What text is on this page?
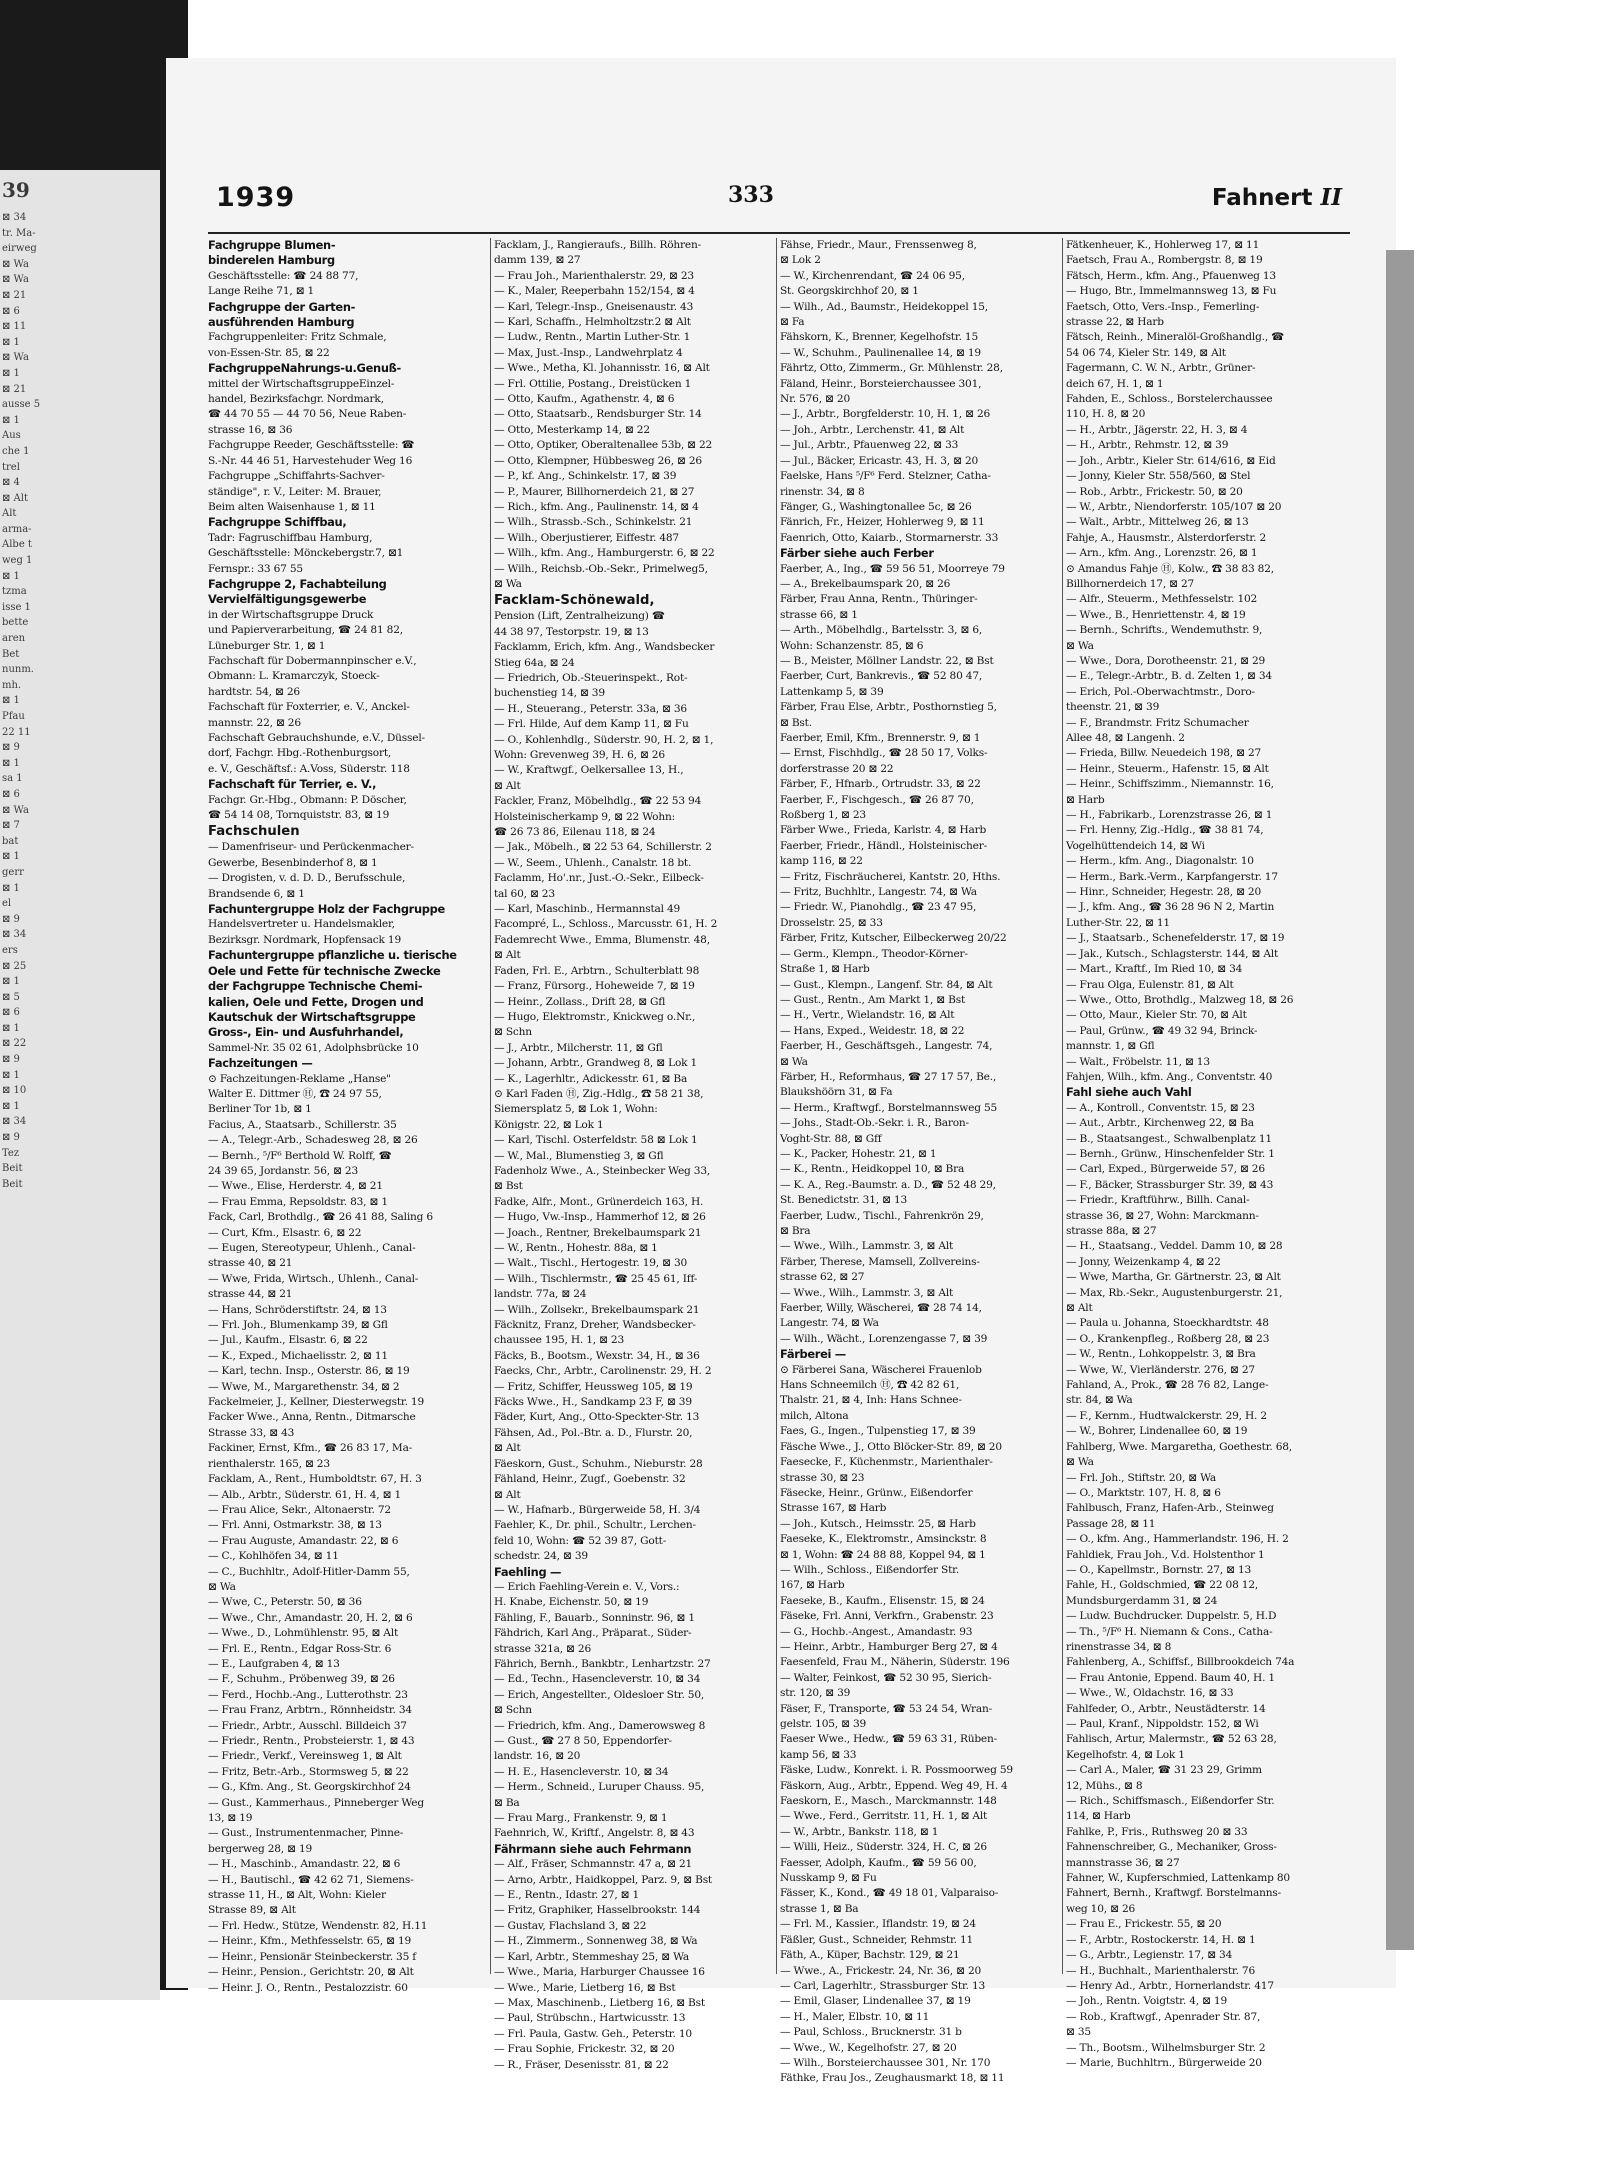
39
⊠ 34
tr. Ma-
eirweg
⊠ Wa
⊠ Wa
⊠ 21
⊠ 6
⊠ 11
⊠ 1
⊠ Wa
⊠ 1
⊠ 21
ausse 5
⊠ 1
Aus
che 1
trel
⊠ 4
⊠ Alt
Alt
arma-
Albe t
weg 1
⊠ 1
tzma
isse 1
bette
aren
Bet
nunm.
mh.
⊠ 1
Pfau
22 11
⊠ 9
⊠ 1
sa 1
⊠ 6
⊠ Wa
⊠ 7
bat
⊠ 1
gerr
⊠ 1
el
⊠ 9
⊠ 34
ers
⊠ 25
⊠ 1
⊠ 5
⊠ 6
⊠ 1
⊠ 22
⊠ 9
⊠ 1
⊠ 10
⊠ 1
⊠ 34
⊠ 9
Tez
Beit
Beit
1939	333	Fahnert II
Fachgruppe Blumen-
binderelen Hamburg
Geschäftsstelle: ☎ 24 88 77,
Lange Reihe 71, ⊠ 1
Fachgruppe der Garten-
ausführenden Hamburg
Fachgruppenleiter: Fritz Schmale,
von-Essen-Str. 85, ⊠ 22
FachgruppeNahrungs-u.Genuß-
mittel der WirtschaftsgruppeEinzel-
handel, Bezirksfachgr. Nordmark,
☎ 44 70 55 — 44 70 56, Neue Raben-
strasse 16, ⊠ 36
Fachgruppe Reeder, Geschäftsstelle: ☎
S.-Nr. 44 46 51, Harvestehuder Weg 16
Fachgruppe „Schiffahrts-Sachver-
ständige", r. V., Leiter: M. Brauer,
Beim alten Waisenhause 1, ⊠ 11
Fachgruppe Schiffbau,
Tadr: Fagruschiffbau Hamburg,
Geschäftsstelle: Mönckebergstr.7, ⊠1
Fernspr.: 33 67 55
Fachgruppe 2, Fachabteilung
Vervielfältigungsgewerbe
in der Wirtschaftsgruppe Druck
und Papierverarbeitung, ☎ 24 81 82,
Lüneburger Str. 1, ⊠ 1
Fachschaft für Dobermannpinscher e.V.,
Obmann: L. Kramarczyk, Stoeck-
hardtstr. 54, ⊠ 26
Fachschaft für Foxterrier, e. V., Anckel-
mannstr. 22, ⊠ 26
Fachschaft Gebrauchshunde, e.V., Düssel-
dorf, Fachgr. Hbg.-Rothenburgsort,
e. V., Geschäftsf.: A.Voss, Süderstr. 118
Fachschaft für Terrier, e. V.,
Fachgr. Gr.-Hbg., Obmann: P. Döscher,
☎ 54 14 08, Tornquiststr. 83, ⊠ 19
Fachschulen
— Damenfriseur- und Perückenmacher-
Gewerbe, Besenbinderhof 8, ⊠ 1
— Drogisten, v. d. D. D., Berufsschule,
Brandsende 6, ⊠ 1
Fachuntergruppe Holz der Fachgruppe
Handelsvertreter u. Handelsmakler,
Bezirksgr. Nordmark, Hopfensack 19
Fachuntergruppe pflanzliche u. tierische
Oele und Fette für technische Zwecke
der Fachgruppe Technische Chemi-
kalien, Oele und Fette, Drogen und
Kautschuk der Wirtschaftsgruppe
Gross-, Ein- und Ausfuhrhandel,
Sammel-Nr. 35 02 61, Adolphsbrücke 10
Fachzeitungen —
⊙ Fachzeitungen-Reklame „Hanse"
Walter E. Dittmer Ⓗ, ☎ 24 97 55,
Berliner Tor 1b, ⊠ 1
Facius, A., Staatsarb., Schillerstr. 35
— A., Telegr.-Arb., Schadesweg 28, ⊠ 26
— Bernh., ⁵/F⁶ Berthold W. Rolff, ☎
24 39 65, Jordanstr. 56, ⊠ 23
— Wwe., Elise, Herderstr. 4, ⊠ 21
— Frau Emma, Repsoldstr. 83, ⊠ 1
Fack, Carl, Brothdlg., ☎ 26 41 88, Saling 6
— Curt, Kfm., Elsastr. 6, ⊠ 22
— Eugen, Stereotypeur, Uhlenh., Canal-
strasse 40, ⊠ 21
— Wwe, Frida, Wirtsch., Uhlenh., Canal-
strasse 44, ⊠ 21
— Hans, Schröderstiftstr. 24, ⊠ 13
— Frl. Joh., Blumenkamp 39, ⊠ Gfl
— Jul., Kaufm., Elsastr. 6, ⊠ 22
— K., Exped., Michaelisstr. 2, ⊠ 11
— Karl, techn. Insp., Osterstr. 86, ⊠ 19
— Wwe, M., Margarethenstr. 34, ⊠ 2
Fackelmeier, J., Kellner, Diesterwegstr. 19
Facker Wwe., Anna, Rentn., Ditmarsche
Strasse 33, ⊠ 43
Fackiner, Ernst, Kfm., ☎ 26 83 17, Ma-
rienthalerstr. 165, ⊠ 23
Facklam, A., Rent., Humboldtstr. 67, H. 3
— Alb., Arbtr., Süderstr. 61, H. 4, ⊠ 1
— Frau Alice, Sekr., Altonaerstr. 72
— Frl. Anni, Ostmarkstr. 38, ⊠ 13
— Frau Auguste, Amandastr. 22, ⊠ 6
— C., Kohlhöfen 34, ⊠ 11
— C., Buchhltr., Adolf-Hitler-Damm 55,
⊠ Wa
— Wwe, C., Peterstr. 50, ⊠ 36
— Wwe., Chr., Amandastr. 20, H. 2, ⊠ 6
— Wwe., D., Lohmühlenstr. 95, ⊠ Alt
— Frl. E., Rentn., Edgar Ross-Str. 6
— E., Laufgraben 4, ⊠ 13
— F., Schuhm., Pröbenweg 39, ⊠ 26
— Ferd., Hochb.-Ang., Lutterothstr. 23
— Frau Franz, Arbtrn., Rönnheidstr. 34
— Friedr., Arbtr., Ausschl. Billdeich 37
— Friedr., Rentn., Probsteierstr. 1, ⊠ 43
— Friedr., Verkf., Vereinsweg 1, ⊠ Alt
— Fritz, Betr.-Arb., Stormsweg 5, ⊠ 22
— G., Kfm. Ang., St. Georgskirchhof 24
— Gust., Kammerhaus., Pinneberger Weg
13, ⊠ 19
— Gust., Instrumentenmacher, Pinne-
bergerweg 28, ⊠ 19
— H., Maschinb., Amandastr. 22, ⊠ 6
— H., Bautischl., ☎ 42 62 71, Siemens-
strasse 11, H., ⊠ Alt, Wohn: Kieler
Strasse 89, ⊠ Alt
— Frl. Hedw., Stütze, Wendenstr. 82, H.11
— Heinr., Kfm., Methfesselstr. 65, ⊠ 19
— Heinr., Pensionär Steinbeckerstr. 35 f
— Heinr., Pension., Gerichtstr. 20, ⊠ Alt
— Heinr. J. O., Rentn., Pestalozzistr. 60
Facklam, J., Rangieraufs., Billh. Röhren-
damm 139, ⊠ 27
— Frau Joh., Marienthalerstr. 29, ⊠ 23
— K., Maler, Reeperbahn 152/154, ⊠ 4
— Karl, Telegr.-Insp., Gneisenaustr. 43
— Karl, Schaffn., Helmholtzstr.2 ⊠ Alt
— Ludw., Rentn., Martin Luther-Str. 1
— Max, Just.-Insp., Landwehrplatz 4
— Wwe., Metha, Kl. Johannisstr. 16, ⊠ Alt
— Frl. Ottilie, Postang., Dreistücken 1
— Otto, Kaufm., Agathenstr. 4, ⊠ 6
— Otto, Staatsarb., Rendsburger Str. 14
— Otto, Mesterkamp 14, ⊠ 22
— Otto, Optiker, Oberaltenallee 53b, ⊠ 22
— Otto, Klempner, Hübbesweg 26, ⊠ 26
— P., kf. Ang., Schinkelstr. 17, ⊠ 39
— P., Maurer, Billhornerdeich 21, ⊠ 27
— Rich., kfm. Ang., Paulinenstr. 14, ⊠ 4
— Wilh., Strassb.-Sch., Schinkelstr. 21
— Wilh., Oberjustierer, Eiffestr. 487
— Wilh., kfm. Ang., Hamburgerstr. 6, ⊠ 22
— Wilh., Reichsb.-Ob.-Sekr., Primelweg5,
⊠ Wa
Facklam-Schönewald,
Pension (Lift, Zentralheizung) ☎
44 38 97, Testorpstr. 19, ⊠ 13
Facklamm, Erich, kfm. Ang., Wandsbecker
Stieg 64a, ⊠ 24
— Friedrich, Ob.-Steuerinspekt., Rot-
buchenstieg 14, ⊠ 39
— H., Steuerang., Peterstr. 33a, ⊠ 36
— Frl. Hilde, Auf dem Kamp 11, ⊠ Fu
— O., Kohlenhdlg., Süderstr. 90, H. 2, ⊠ 1,
Wohn: Grevenweg 39, H. 6, ⊠ 26
— W., Kraftwgf., Oelkersallee 13, H.,
⊠ Alt
Fackler, Franz, Möbelhdlg., ☎ 22 53 94
Holsteinischerkamp 9, ⊠ 22 Wohn:
☎ 26 73 86, Eilenau 118, ⊠ 24
— Jak., Möbelh., ⊠ 22 53 64, Schillerstr. 2
— W., Seem., Uhlenh., Canalstr. 18 bt.
Faclamm, Ho'.nr., Just.-O.-Sekr., Eilbeck-
tal 60, ⊠ 23
— Karl, Maschinb., Hermannstal 49
Facompré, L., Schloss., Marcusstr. 61, H. 2
Fademrecht Wwe., Emma, Blumenstr. 48,
⊠ Alt
Faden, Frl. E., Arbtrn., Schulterblatt 98
— Franz, Fürsorg., Hoheweide 7, ⊠ 19
— Heinr., Zollass., Drift 28, ⊠ Gfl
— Hugo, Elektromstr., Knickweg o.Nr.,
⊠ Schn
— J., Arbtr., Milcherstr. 11, ⊠ Gfl
— Johann, Arbtr., Grandweg 8, ⊠ Lok 1
— K., Lagerhltr., Adickesstr. 61, ⊠ Ba
⊙ Karl Faden Ⓗ, Zig.-Hdlg., ☎ 58 21 38,
Siemersplatz 5, ⊠ Lok 1, Wohn:
Königstr. 22, ⊠ Lok 1
— Karl, Tischl. Osterfeldstr. 58 ⊠ Lok 1
— W., Mal., Blumenstieg 3, ⊠ Gfl
Fadenholz Wwe., A., Steinbecker Weg 33,
⊠ Bst
Fadke, Alfr., Mont., Grünerdeich 163, H.
— Hugo, Vw.-Insp., Hammerhof 12, ⊠ 26
— Joach., Rentner, Brekelbaumspark 21
— W., Rentn., Hohestr. 88a, ⊠ 1
— Walt., Tischl., Hertogestr. 19, ⊠ 30
— Wilh., Tischlermstr., ☎ 25 45 61, Iff-
landstr. 77a, ⊠ 24
— Wilh., Zollsekr., Brekelbaumspark 21
Fäcknitz, Franz, Dreher, Wandsbecker-
chaussee 195, H. 1, ⊠ 23
Fäcks, B., Bootsm., Wexstr. 34, H., ⊠ 36
Faecks, Chr., Arbtr., Carolinenstr. 29, H. 2
— Fritz, Schiffer, Heussweg 105, ⊠ 19
Fäcks Wwe., H., Sandkamp 23 F, ⊠ 39
Fäder, Kurt, Ang., Otto-Speckter-Str. 13
Fähsen, Ad., Pol.-Btr. a. D., Flurstr. 20,
⊠ Alt
Fäeskorn, Gust., Schuhm., Nieburstr. 28
Fähland, Heinr., Zugf., Goebenstr. 32
⊠ Alt
— W., Hafnarb., Bürgerweide 58, H. 3/4
Faehler, K., Dr. phil., Schultr., Lerchen-
feld 10, Wohn: ☎ 52 39 87, Gott-
schedstr. 24, ⊠ 39
Faehling —
— Erich Faehling-Verein e. V., Vors.:
H. Knabe, Eichenstr. 50, ⊠ 19
Fähling, F., Bauarb., Sonninstr. 96, ⊠ 1
Fähdrich, Karl Ang., Präparat., Süder-
strasse 321a, ⊠ 26
Fährich, Bernh., Bankbtr., Lenhartzstr. 27
— Ed., Techn., Hasencleverstr. 10, ⊠ 34
— Erich, Angestellter., Oldesloer Str. 50,
⊠ Schn
— Friedrich, kfm. Ang., Damerowsweg 8
— Gust., ☎ 27 8 50, Eppendorfer-
landstr. 16, ⊠ 20
— H. E., Hasencleverstr. 10, ⊠ 34
— Herm., Schneid., Luruper Chauss. 95,
⊠ Ba
— Frau Marg., Frankenstr. 9, ⊠ 1
Faehnrich, W., Kriftf., Angelstr. 8, ⊠ 43
Fährmann siehe auch Fehrmann
— Alf., Fräser, Schmannstr. 47 a, ⊠ 21
— Arno, Arbtr., Haidkoppel, Parz. 9, ⊠ Bst
— E., Rentn., Idastr. 27, ⊠ 1
— Fritz, Graphiker, Hasselbrookstr. 144
— Gustav, Flachsland 3, ⊠ 22
— H., Zimmerm., Sonnenweg 38, ⊠ Wa
— Karl, Arbtr., Stemmeshay 25, ⊠ Wa
— Wwe., Maria, Harburger Chaussee 16
— Wwe., Marie, Lietberg 16, ⊠ Bst
— Max, Maschinenb., Lietberg 16, ⊠ Bst
— Paul, Strübschn., Hartwicusstr. 13
— Frl. Paula, Gastw. Geh., Peterstr. 10
— Frau Sophie, Frickestr. 32, ⊠ 20
— R., Fräser, Desenisstr. 81, ⊠ 22
Fähse, Friedr., Maur., Frenssenweg 8,
⊠ Lok 2
— W., Kirchenrendant, ☎ 24 06 95,
St. Georgskirchhof 20, ⊠ 1
— Wilh., Ad., Baumstr., Heidekoppel 15,
⊠ Fa
Fähskorn, K., Brenner, Kegelhofstr. 15
— W., Schuhm., Paulinenallee 14, ⊠ 19
Fährtz, Otto, Zimmerm., Gr. Mühlenstr. 28,
Fäland, Heinr., Borsteierchaussee 301,
Nr. 576, ⊠ 20
— J., Arbtr., Borgfelderstr. 10, H. 1, ⊠ 26
— Joh., Arbtr., Lerchenstr. 41, ⊠ Alt
— Jul., Arbtr., Pfauenweg 22, ⊠ 33
— Jul., Bäcker, Ericastr. 43, H. 3, ⊠ 20
Faelske, Hans ⁵/F⁶ Ferd. Stelzner, Catha-
rinenstr. 34, ⊠ 8
Fänger, G., Washingtonallee 5c, ⊠ 26
Fänrich, Fr., Heizer, Hohlerweg 9, ⊠ 11
Faenrich, Otto, Kaiarb., Stormarnerstr. 33
Färber siehe auch Ferber
Faerber, A., Ing., ☎ 59 56 51, Moorreye 79
— A., Brekelbaumspark 20, ⊠ 26
Färber, Frau Anna, Rentn., Thüringer-
strasse 66, ⊠ 1
— Arth., Möbelhdlg., Bartelsstr. 3, ⊠ 6,
Wohn: Schanzenstr. 85, ⊠ 6
— B., Meister, Möllner Landstr. 22, ⊠ Bst
Faerber, Curt, Bankrevis., ☎ 52 80 47,
Lattenkamp 5, ⊠ 39
Färber, Frau Else, Arbtr., Posthornstieg 5,
⊠ Bst.
Faerber, Emil, Kfm., Brennerstr. 9, ⊠ 1
— Ernst, Fischhdlg., ☎ 28 50 17, Volks-
dorferstrasse 20 ⊠ 22
Färber, F., Hfnarb., Ortrudstr. 33, ⊠ 22
Faerber, F., Fischgesch., ☎ 26 87 70,
Roßberg 1, ⊠ 23
Färber Wwe., Frieda, Karlstr. 4, ⊠ Harb
Faerber, Friedr., Händl., Holsteinischer-
kamp 116, ⊠ 22
— Fritz, Fischräucherei, Kantstr. 20, Hths.
— Fritz, Buchhltr., Langestr. 74, ⊠ Wa
— Friedr. W., Pianohdlg., ☎ 23 47 95,
Drosselstr. 25, ⊠ 33
Färber, Fritz, Kutscher, Eilbeckerweg 20/22
— Germ., Klempn., Theodor-Körner-
Straße 1, ⊠ Harb
— Gust., Klempn., Langenf. Str. 84, ⊠ Alt
— Gust., Rentn., Am Markt 1, ⊠ Bst
— H., Vertr., Wielandstr. 16, ⊠ Alt
— Hans, Exped., Weidestr. 18, ⊠ 22
Faerber, H., Geschäftsgeh., Langestr. 74,
⊠ Wa
Färber, H., Reformhaus, ☎ 27 17 57, Be.,
Blaukshöörn 31, ⊠ Fa
— Herm., Kraftwgf., Borstelmannsweg 55
— Johs., Stadt-Ob.-Sekr. i. R., Baron-
Voght-Str. 88, ⊠ Gff
— K., Packer, Hohestr. 21, ⊠ 1
— K., Rentn., Heidkoppel 10, ⊠ Bra
— K. A., Reg.-Baumstr. a. D., ☎ 52 48 29,
St. Benedictstr. 31, ⊠ 13
Faerber, Ludw., Tischl., Fahrenkrön 29,
⊠ Bra
— Wwe., Wilh., Lammstr. 3, ⊠ Alt
Färber, Therese, Mamsell, Zollvereins-
strasse 62, ⊠ 27
— Wwe., Wilh., Lammstr. 3, ⊠ Alt
Faerber, Willy, Wäscherei, ☎ 28 74 14,
Langestr. 74, ⊠ Wa
— Wilh., Wächt., Lorenzengasse 7, ⊠ 39
Färberei —
⊙ Färberei Sana, Wäscherei Frauenlob
Hans Schneemilch Ⓗ, ☎ 42 82 61,
Thalstr. 21, ⊠ 4, Inh: Hans Schnee-
milch, Altona
Faes, G., Ingen., Tulpenstieg 17, ⊠ 39
Fäsche Wwe., J., Otto Blöcker-Str. 89, ⊠ 20
Faesecke, F., Küchenmstr., Marienthaler-
strasse 30, ⊠ 23
Fäsecke, Heinr., Grünw., Eißendorfer
Strasse 167, ⊠ Harb
— Joh., Kutsch., Heimsstr. 25, ⊠ Harb
Faeseke, K., Elektromstr., Amsinckstr. 8
⊠ 1, Wohn: ☎ 24 88 88, Koppel 94, ⊠ 1
— Wilh., Schloss., Eißendorfer Str.
167, ⊠ Harb
Faeseke, B., Kaufm., Elisenstr. 15, ⊠ 24
Fäseke, Frl. Anni, Verkfrn., Grabenstr. 23
— G., Hochb.-Angest., Amandastr. 93
— Heinr., Arbtr., Hamburger Berg 27, ⊠ 4
Faesenfeld, Frau M., Näherin, Süderstr. 196
— Walter, Feinkost, ☎ 52 30 95, Sierich-
str. 120, ⊠ 39
Fäser, F., Transporte, ☎ 53 24 54, Wran-
gelstr. 105, ⊠ 39
Faeser Wwe., Hedw., ☎ 59 63 31, Rüben-
kamp 56, ⊠ 33
Fäske, Ludw., Konrekt. i. R. Possmoorweg 59
Fäskorn, Aug., Arbtr., Eppend. Weg 49, H. 4
Faeskorn, E., Masch., Marckmannstr. 148
— Wwe., Ferd., Gerritstr. 11, H. 1, ⊠ Alt
— W., Arbtr., Bankstr. 118, ⊠ 1
— Willi, Heiz., Süderstr. 324, H. C, ⊠ 26
Faesser, Adolph, Kaufm., ☎ 59 56 00,
Nusskamp 9, ⊠ Fu
Fässer, K., Kond., ☎ 49 18 01, Valparaiso-
strasse 1, ⊠ Ba
— Frl. M., Kassier., Iflandstr. 19, ⊠ 24
Fäßler, Gust., Schneider, Rehmstr. 11
Fäth, A., Küper, Bachstr. 129, ⊠ 21
— Wwe., A., Frickestr. 24, Nr. 36, ⊠ 20
— Carl, Lagerhltr., Strassburger Str. 13
— Emil, Glaser, Lindenallee 37, ⊠ 19
— H., Maler, Elbstr. 10, ⊠ 11
— Paul, Schloss., Brucknerstr. 31 b
— Wwe., W., Kegelhofstr. 27, ⊠ 20
— Wilh., Borsteierchaussee 301, Nr. 170
Fäthke, Frau Jos., Zeughausmarkt 18, ⊠ 11
Fätkenheuer, K., Hohlerweg 17, ⊠ 11
Faetsch, Frau A., Rombergstr. 8, ⊠ 19
Fätsch, Herm., kfm. Ang., Pfauenweg 13
— Hugo, Btr., Immelmannsweg 13, ⊠ Fu
Faetsch, Otto, Vers.-Insp., Femerling-
strasse 22, ⊠ Harb
Fätsch, Reinh., Mineralöl-Großhandlg., ☎
54 06 74, Kieler Str. 149, ⊠ Alt
Fagermann, C. W. N., Arbtr., Grüner-
deich 67, H. 1, ⊠ 1
Fahden, E., Schloss., Borstelerchaussee
110, H. 8, ⊠ 20
— H., Arbtr., Jägerstr. 22, H. 3, ⊠ 4
— H., Arbtr., Rehmstr. 12, ⊠ 39
— Joh., Arbtr., Kieler Str. 614/616, ⊠ Eid
— Jonny, Kieler Str. 558/560, ⊠ Stel
— Rob., Arbtr., Frickestr. 50, ⊠ 20
— W., Arbtr., Niendorferstr. 105/107 ⊠ 20
— Walt., Arbtr., Mittelweg 26, ⊠ 13
Fahje, A., Hausmstr., Alsterdorferstr. 2
— Arn., kfm. Ang., Lorenzstr. 26, ⊠ 1
⊙ Amandus Fahje Ⓗ, Kolw., ☎ 38 83 82,
Billhornerdeich 17, ⊠ 27
— Alfr., Steuerm., Methfesselstr. 102
— Wwe., B., Henriettenstr. 4, ⊠ 19
— Bernh., Schrifts., Wendemuthstr. 9,
⊠ Wa
— Wwe., Dora, Dorotheenstr. 21, ⊠ 29
— E., Telegr.-Arbtr., B. d. Zelten 1, ⊠ 34
— Erich, Pol.-Oberwachtmstr., Doro-
theenstr. 21, ⊠ 39
— F., Brandmstr. Fritz Schumacher
Allee 48, ⊠ Langenh. 2
— Frieda, Billw. Neuedeich 198, ⊠ 27
— Heinr., Steuerm., Hafenstr. 15, ⊠ Alt
— Heinr., Schiffszimm., Niemannstr. 16,
⊠ Harb
— H., Fabrikarb., Lorenzstrasse 26, ⊠ 1
— Frl. Henny, Zig.-Hdlg., ☎ 38 81 74,
Vogelhüttendeich 14, ⊠ Wi
— Herm., kfm. Ang., Diagonalstr. 10
— Herm., Bark.-Verm., Karpfangerstr. 17
— Hinr., Schneider, Hegestr. 28, ⊠ 20
— J., kfm. Ang., ☎ 36 28 96 N 2, Martin
Luther-Str. 22, ⊠ 11
— J., Staatsarb., Schenefelderstr. 17, ⊠ 19
— Jak., Kutsch., Schlagsterstr. 144, ⊠ Alt
— Mart., Kraftf., Im Ried 10, ⊠ 34
— Frau Olga, Eulenstr. 81, ⊠ Alt
— Wwe., Otto, Brothdlg., Malzweg 18, ⊠ 26
— Otto, Maur., Kieler Str. 70, ⊠ Alt
— Paul, Grünw., ☎ 49 32 94, Brinck-
mannstr. 1, ⊠ Gfl
— Walt., Fröbelstr. 11, ⊠ 13
Fahjen, Wilh., kfm. Ang., Conventstr. 40
Fahl siehe auch Vahl
— A., Kontroll., Conventstr. 15, ⊠ 23
— Aut., Arbtr., Kirchenweg 22, ⊠ Ba
— B., Staatsangest., Schwalbenplatz 11
— Bernh., Grünw., Hinschenfelder Str. 1
— Carl, Exped., Bürgerweide 57, ⊠ 26
— F., Bäcker, Strassburger Str. 39, ⊠ 43
— Friedr., Kraftführw., Billh. Canal-
strasse 36, ⊠ 27, Wohn: Marckmann-
strasse 88a, ⊠ 27
— H., Staatsang., Veddel. Damm 10, ⊠ 28
— Jonny, Weizenkamp 4, ⊠ 22
— Wwe, Martha, Gr. Gärtnerstr. 23, ⊠ Alt
— Max, Rb.-Sekr., Augustenburgerstr. 21,
⊠ Alt
— Paula u. Johanna, Stoeckhardtstr. 48
— O., Krankenpfleg., Roßberg 28, ⊠ 23
— W., Rentn., Lohkoppelstr. 3, ⊠ Bra
— Wwe, W., Vierländerstr. 276, ⊠ 27
Fahland, A., Prok., ☎ 28 76 82, Lange-
str. 84, ⊠ Wa
— F., Kernm., Hudtwalckerstr. 29, H. 2
— W., Bohrer, Lindenallee 60, ⊠ 19
Fahlberg, Wwe. Margaretha, Goethestr. 68,
⊠ Wa
— Frl. Joh., Stiftstr. 20, ⊠ Wa
— O., Marktstr. 107, H. 8, ⊠ 6
Fahlbusch, Franz, Hafen-Arb., Steinweg
Passage 28, ⊠ 11
— O., kfm. Ang., Hammerlandstr. 196, H. 2
Fahldiek, Frau Joh., V.d. Holstenthor 1
— O., Kapellmstr., Bornstr. 27, ⊠ 13
Fahle, H., Goldschmied, ☎ 22 08 12,
Mundsburgerdamm 31, ⊠ 24
— Ludw. Buchdrucker. Duppelstr. 5, H.D
— Th., ⁵/F⁶ H. Niemann & Cons., Catha-
rinenstrasse 34, ⊠ 8
Fahlenberg, A., Schiffsf., Billbrookdeich 74a
— Frau Antonie, Eppend. Baum 40, H. 1
— Wwe., W., Oldachstr. 16, ⊠ 33
Fahlfeder, O., Arbtr., Neustädterstr. 14
— Paul, Kranf., Nippoldstr. 152, ⊠ Wi
Fahlisch, Artur, Malermstr., ☎ 52 63 28,
Kegelhofstr. 4, ⊠ Lok 1
— Carl A., Maler, ☎ 31 23 29, Grimm
12, Mühs., ⊠ 8
— Rich., Schiffsmasch., Eißendorfer Str.
114, ⊠ Harb
Fahlke, P., Fris., Ruthsweg 20 ⊠ 33
Fahnenschreiber, G., Mechaniker, Gross-
mannstrasse 36, ⊠ 27
Fahner, W., Kupferschmied, Lattenkamp 80
Fahnert, Bernh., Kraftwgf. Borstelmanns-
weg 10, ⊠ 26
— Frau E., Frickestr. 55, ⊠ 20
— F., Arbtr., Rostockerstr. 14, H. ⊠ 1
— G., Arbtr., Legienstr. 17, ⊠ 34
— H., Buchhalt., Marienthalerstr. 76
— Henry Ad., Arbtr., Hornerlandstr. 417
— Joh., Rentn. Voigtstr. 4, ⊠ 19
— Rob., Kraftwgf., Apenrader Str. 87,
⊠ 35
— Th., Bootsm., Wilhelmsburger Str. 2
— Marie, Buchhltrn., Bürgerweide 20
